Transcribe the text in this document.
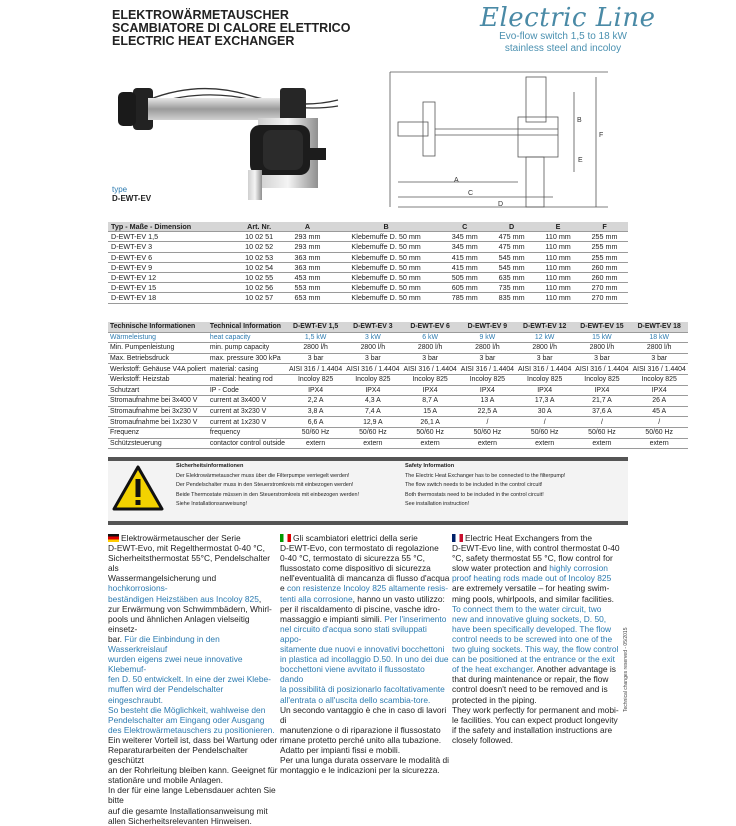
ELEKTROWÄRMETAUSCHER
SCAMBIATORE DI CALORE ELETTRICO
ELECTRIC HEAT EXCHANGER
Electric Line
Evo-flow switch 1,5 to 18 kW
stainless steel and incoloy
type
D-EWT-EV
A
B
C
D
E
F
Typ - Maße - Dimension	Art. Nr.	A	B	C	D	E	F
D-EWT-EV 1,5	10 02 51	293 mm	Klebemuffe D. 50 mm	345 mm	475 mm	110 mm	255 mm
D-EWT-EV 3	10 02 52	293 mm	Klebemuffe D. 50 mm	345 mm	475 mm	110 mm	255 mm
D-EWT-EV 6	10 02 53	363 mm	Klebemuffe D. 50 mm	415 mm	545 mm	110 mm	255 mm
D-EWT-EV 9	10 02 54	363 mm	Klebemuffe D. 50 mm	415 mm	545 mm	110 mm	260 mm
D-EWT-EV 12	10 02 55	453 mm	Klebemuffe D. 50 mm	505 mm	635 mm	110 mm	260 mm
D-EWT-EV 15	10 02 56	553 mm	Klebemuffe D. 50 mm	605 mm	735 mm	110 mm	270 mm
D-EWT-EV 18	10 02 57	653 mm	Klebemuffe D. 50 mm	785 mm	835 mm	110 mm	270 mm
Technische Informationen	Technical Information	D-EWT-EV 1,5	D-EWT-EV 3	D-EWT-EV 6	D-EWT-EV 9	D-EWT-EV 12	D-EWT-EV 15	D-EWT-EV 18
Wärmeleistung	heat capacity	1,5 kW	3 kW	6 kW	9 kW	12 kW	15 kW	18 kW
Min. Pumpenleistung	min. pump capacity	2800 l/h	2800 l/h	2800 l/h	2800 l/h	2800 l/h	2800 l/h	2800 l/h
Max. Betriebsdruck	max. pressure 300 kPa	3 bar	3 bar	3 bar	3 bar	3 bar	3 bar	3 bar
Werkstoff: Gehäuse V4A poliert	material: casing	AISI 316 / 1.4404	AISI 316 / 1.4404	AISI 316 / 1.4404	AISI 316 / 1.4404	AISI 316 / 1.4404	AISI 316 / 1.4404	AISI 316 / 1.4404
Werkstoff: Heizstab	material: heating rod	Incoloy 825	Incoloy 825	Incoloy 825	Incoloy 825	Incoloy 825	Incoloy 825	Incoloy 825
Schutzart	IP - Code	IPX4	IPX4	IPX4	IPX4	IPX4	IPX4	IPX4
Stromaufnahme bei 3x400 V	current at 3x400 V	2,2 A	4,3 A	8,7 A	13 A	17,3 A	21,7 A	26 A
Stromaufnahme bei 3x230 V	current at 3x230 V	3,8 A	7,4 A	15 A	22,5 A	30 A	37,6 A	45 A
Stromaufnahme bei 1x230 V	current at 1x230 V	6,6 A	12,9 A	26,1 A	/	/	/	/
Frequenz	frequency	50/60 Hz	50/60 Hz	50/60 Hz	50/60 Hz	50/60 Hz	50/60 Hz	50/60 Hz
Schützsteuerung	contactor control outside	extern	extern	extern	extern	extern	extern	extern
Sicherheitsinformationen
Der Elektrowärmetauscher muss über die Filterpumpe verriegelt werden!
Der Pendelschalter muss in den Steuerstromkreis mit einbezogen werden!
Beide Thermostate müssen in den Steuerstromkreis mit einbezogen werden!
Siehe Installationsanweisung!
Safety Information
The Electric Heat Exchanger has to be connected to the filterpump!
The flow switch needs to be included in the control circuit!
Both thermostats need to be included in the control circuit!
See installation instruction!
Elektrowärmetauscher der Serie
D-EWT-Evo, mit Regelthermostat 0-40 °C,
Sicherheitsthermostat 55°C, Pendelschalter als
Wassermangelsicherung und hochkorrosions-
beständigen Heizstäben aus Incoloy 825,
zur Erwärmung von Schwimmbädern, Whirl-
pools und ähnlichen Anlagen vielseitig einsetz-
bar. Für die Einbindung in den Wasserkreislauf
wurden eigens zwei neue innovative Klebemuf-
fen D. 50 entwickelt. In eine der zwei Klebe-
muffen wird der Pendelschalter eingeschraubt.
So besteht die Möglichkeit, wahlweise den
Pendelschalter am Eingang oder Ausgang
des Elektrowärmetauschers zu positionieren.
Ein weiterer Vorteil ist, dass bei Wartung oder
Reparaturarbeiten der Pendelschalter geschützt
an der Rohrleitung bleiben kann. Geeignet für
stationäre und mobile Anlagen.
In der für eine lange Lebensdauer achten Sie bitte
auf die gesamte Installationsanweisung mit
allen Sicherheitsrelevanten Hinweisen.
Gli scambiatori elettrici della serie
D-EWT-Evo, con termostato di regolazione
0-40 °C, termostato di sicurezza 55 °C,
flussostato come dispositivo di sicurezza
nell'eventualità di mancanza di flusso d'acqua
e con resistenze Incoloy 825 altamente resis-
tenti alla corrosione, hanno un vasto utilizzo:
per il riscaldamento di piscine, vasche idro-
massaggio e impianti simili. Per l'inserimento
nel circuito d'acqua sono stati sviluppati appo-
sitamente due nuovi e innovativi bocchettoni
in plastica ad incollaggio D.50. In uno dei due
bocchettoni viene avvitato il flussostato dando
la possibilità di posizionarlo facoltativamente
all'entrata o all'uscita dello scambia-tore.
Un secondo vantaggio è che in caso di lavori di
manutenzione o di riparazione il flussostato
rimane protetto perché unito alla tubazione.
Adatto per impianti fissi e mobili.
Per una lunga durata osservare le modalità di
montaggio e le indicazioni per la sicurezza.
Electric Heat Exchangers from the
D-EWT-Evo line, with control thermostat 0-40
°C, safety thermostat 55 °C, flow control for
slow water protection and highly corrosion
proof heating rods made out of Incoloy 825
are extremely versatile – for heating swim-
ming pools, whirlpools, and similar facilities.
To connect them to the water circuit, two
new and innovative gluing sockets, D. 50,
have been specifically developed. The flow
control needs to be screwed into one of the
two gluing sockets. This way, the flow control
can be positioned at the entrance or the exit
of the heat exchanger. Another advantage is
that during maintenance or repair, the flow
control doesn't need to be removed and is
protected in the piping.
They work perfectly for permanent and mobi-
le facilities. You can expect product longevity
if the safety and installation instructions are
closely followed.
Technical changes reserved - 05/2015
